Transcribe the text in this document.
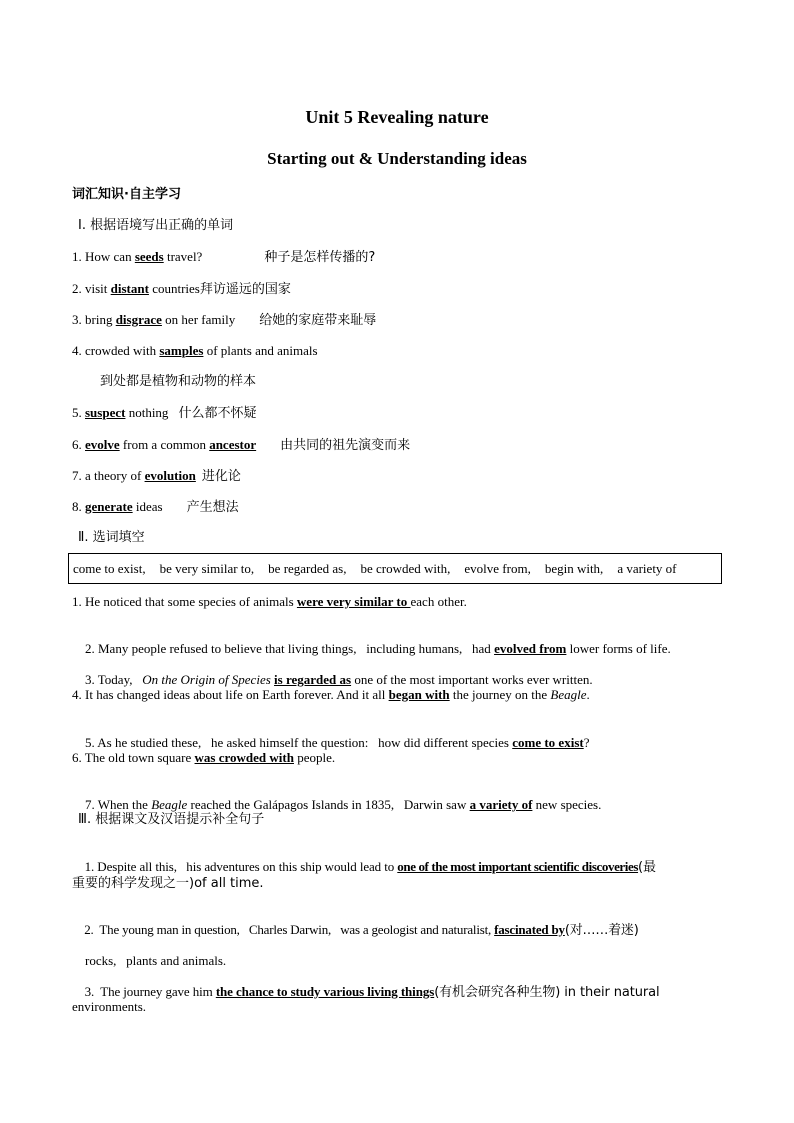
Unit 5 Revealing nature
Starting out & Understanding ideas
词汇知识·自主学习
Ⅰ. 根据语境写出正确的单词
1. How can seeds travel?	种子是怎样传播的?
2. visit distant countries拜访遥远的国家
3. bring disgrace on her family 给她的家庭带来耻辱
4. crowded with samples of plants and animals
到处都是植物和动物的样本
5. suspect nothing 什么都不怀疑
6. evolve from a common ancestor 由共同的祖先演变而来
7. a theory of evolution 进化论
8. generate ideas 产生想法
Ⅱ. 选词填空
come to exist, be very similar to, be regarded as, be crowded with, evolve from, begin with, a variety of
1. He noticed that some species of animals were very similar to each other.

2. Many people refused to believe that living things,   including humans,   had evolved from lower forms of life.

3. Today,   On the Origin of Species is regarded as one of the most important works ever written.

4. It has changed ideas about life on Earth forever. And it all began with the journey on the Beagle.

5. As he studied these,   he asked himself the question:   how did different species come to exist?

6. The old town square was crowded with people.

7. When the Beagle reached the Galápagos Islands in 1835,   Darwin saw a variety of new species.

Ⅲ. 根据课文及汉语提示补全句子

1. Despite all this,   his adventures on this ship would lead to one of the most important scientific discoveries(最

重要的科学发现之一)of all time.

2.  The young man in question,   Charles Darwin,   was a geologist and naturalist, fascinated by(对……着迷)

rocks,   plants and animals.

3.  The journey gave him the chance to study various living things(有机会研究各种生物) in their natural

environments.
